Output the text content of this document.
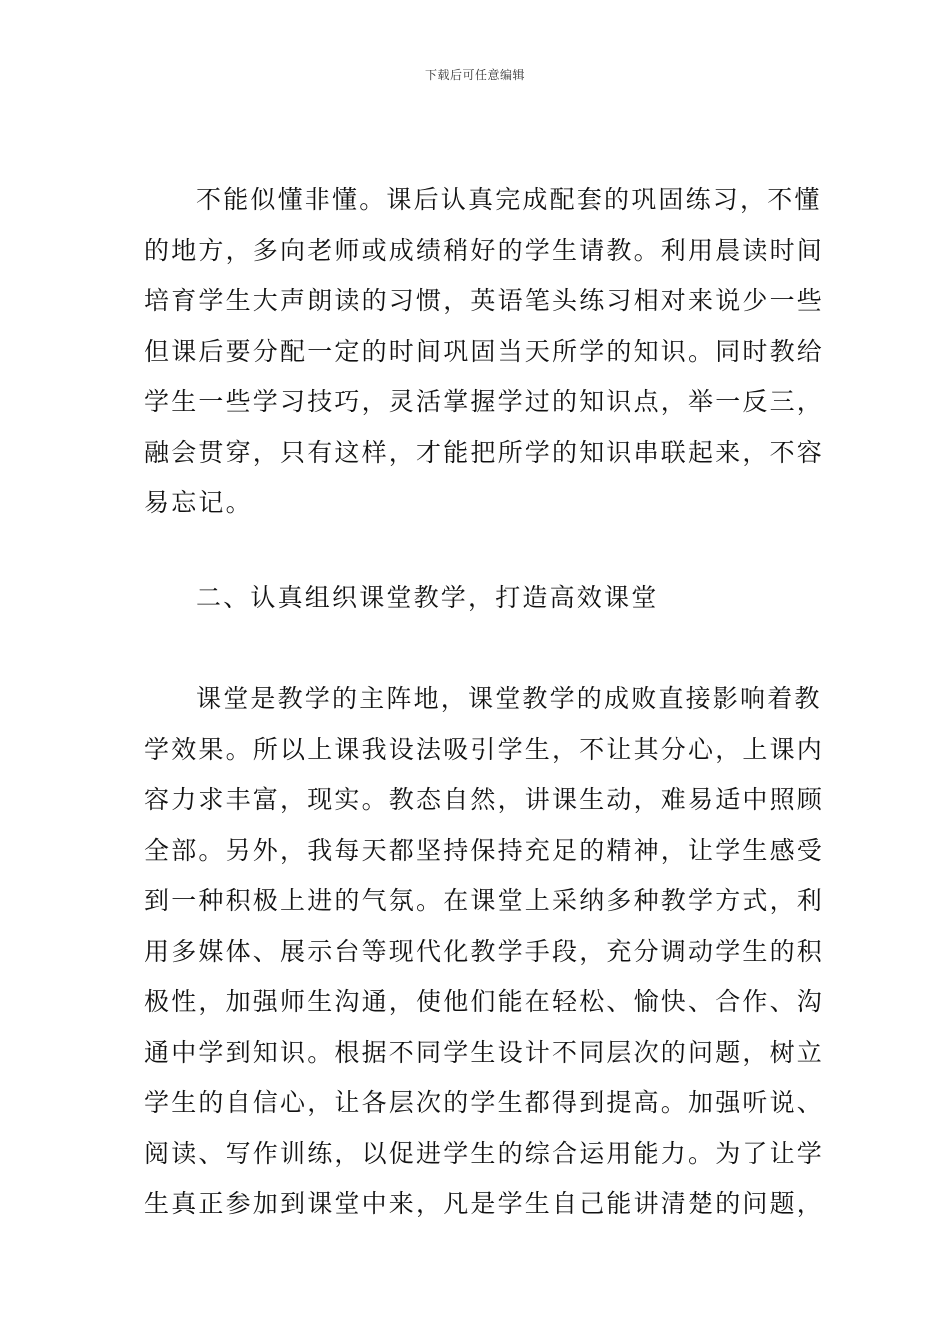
下载后可任意编辑
不能似懂非懂。课后认真完成配套的巩固练习，不懂
的地方，多向老师或成绩稍好的学生请教。利用晨读时间
培育学生大声朗读的习惯，英语笔头练习相对来说少一些
但课后要分配一定的时间巩固当天所学的知识。同时教给
学生一些学习技巧，灵活掌握学过的知识点，举一反三，
融会贯穿，只有这样，才能把所学的知识串联起来，不容
易忘记。
二、认真组织课堂教学，打造高效课堂
课堂是教学的主阵地，课堂教学的成败直接影响着教
学效果。所以上课我设法吸引学生，不让其分心，上课内
容力求丰富，现实。教态自然，讲课生动，难易适中照顾
全部。另外，我每天都坚持保持充足的精神，让学生感受
到一种积极上进的气氛。在课堂上采纳多种教学方式，利
用多媒体、展示台等现代化教学手段，充分调动学生的积
极性，加强师生沟通，使他们能在轻松、愉快、合作、沟
通中学到知识。根据不同学生设计不同层次的问题，树立
学生的自信心，让各层次的学生都得到提高。加强听说、
阅读、写作训练，以促进学生的综合运用能力。为了让学
生真正参加到课堂中来，凡是学生自己能讲清楚的问题，
